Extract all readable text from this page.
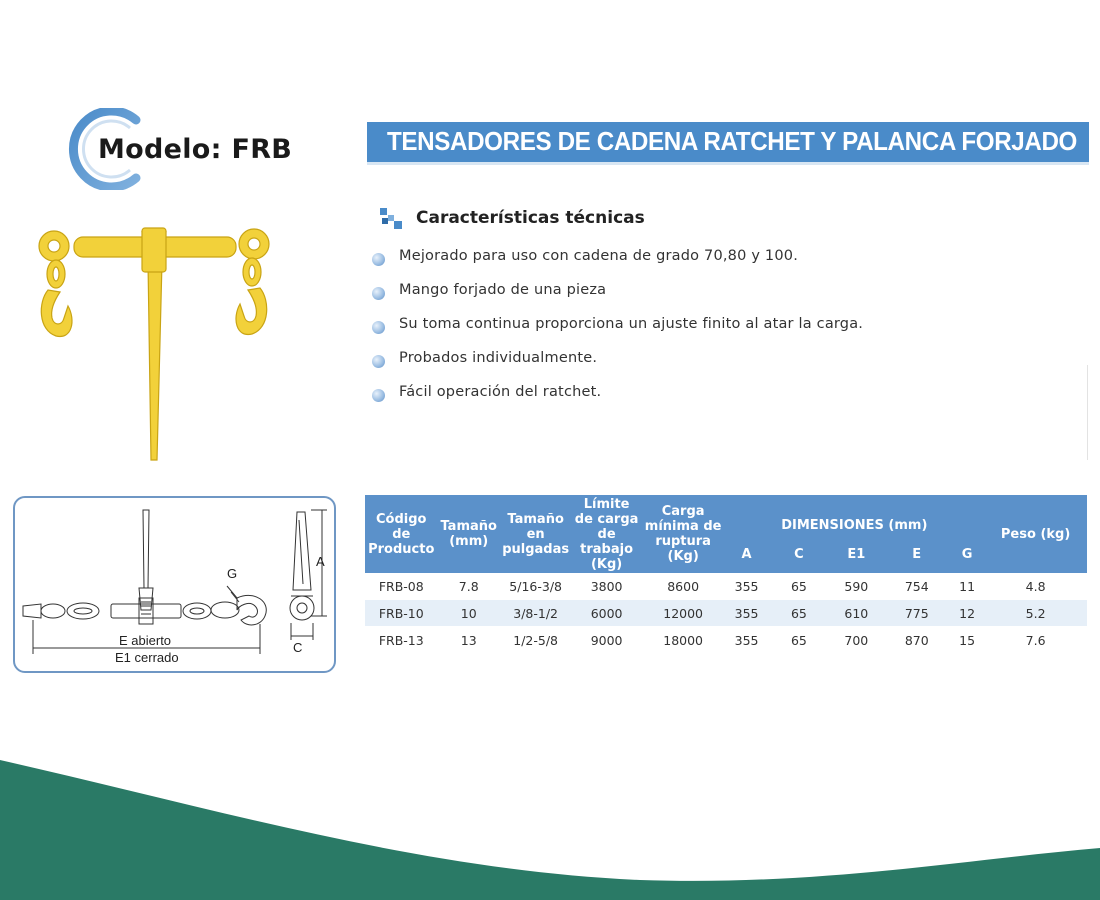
Modelo: FRB	TENSADORES DE CADENA RATCHET Y PALANCA FORJADO
Características técnicas
Mejorado para uso con cadena de grado 70,80 y 100.
Mango forjado de una pieza
Su toma continua proporciona un ajuste finito al atar la carga.
Probados individualmente.
Fácil operación del ratchet.
A
C
G
E abierto
E1 cerrado
Código de Producto	Tamaño (mm)	Tamaño en pulgadas	Límite de carga de trabajo (Kg)	Carga mínima de ruptura (Kg)	DIMENSIONES (mm)					Peso (kg)
					A	C	E1	E	G	
FRB-08	7.8	5/16-3/8	3800	8600	355	65	590	754	11	4.8
FRB-10	10	3/8-1/2	6000	12000	355	65	610	775	12	5.2
FRB-13	13	1/2-5/8	9000	18000	355	65	700	870	15	7.6
